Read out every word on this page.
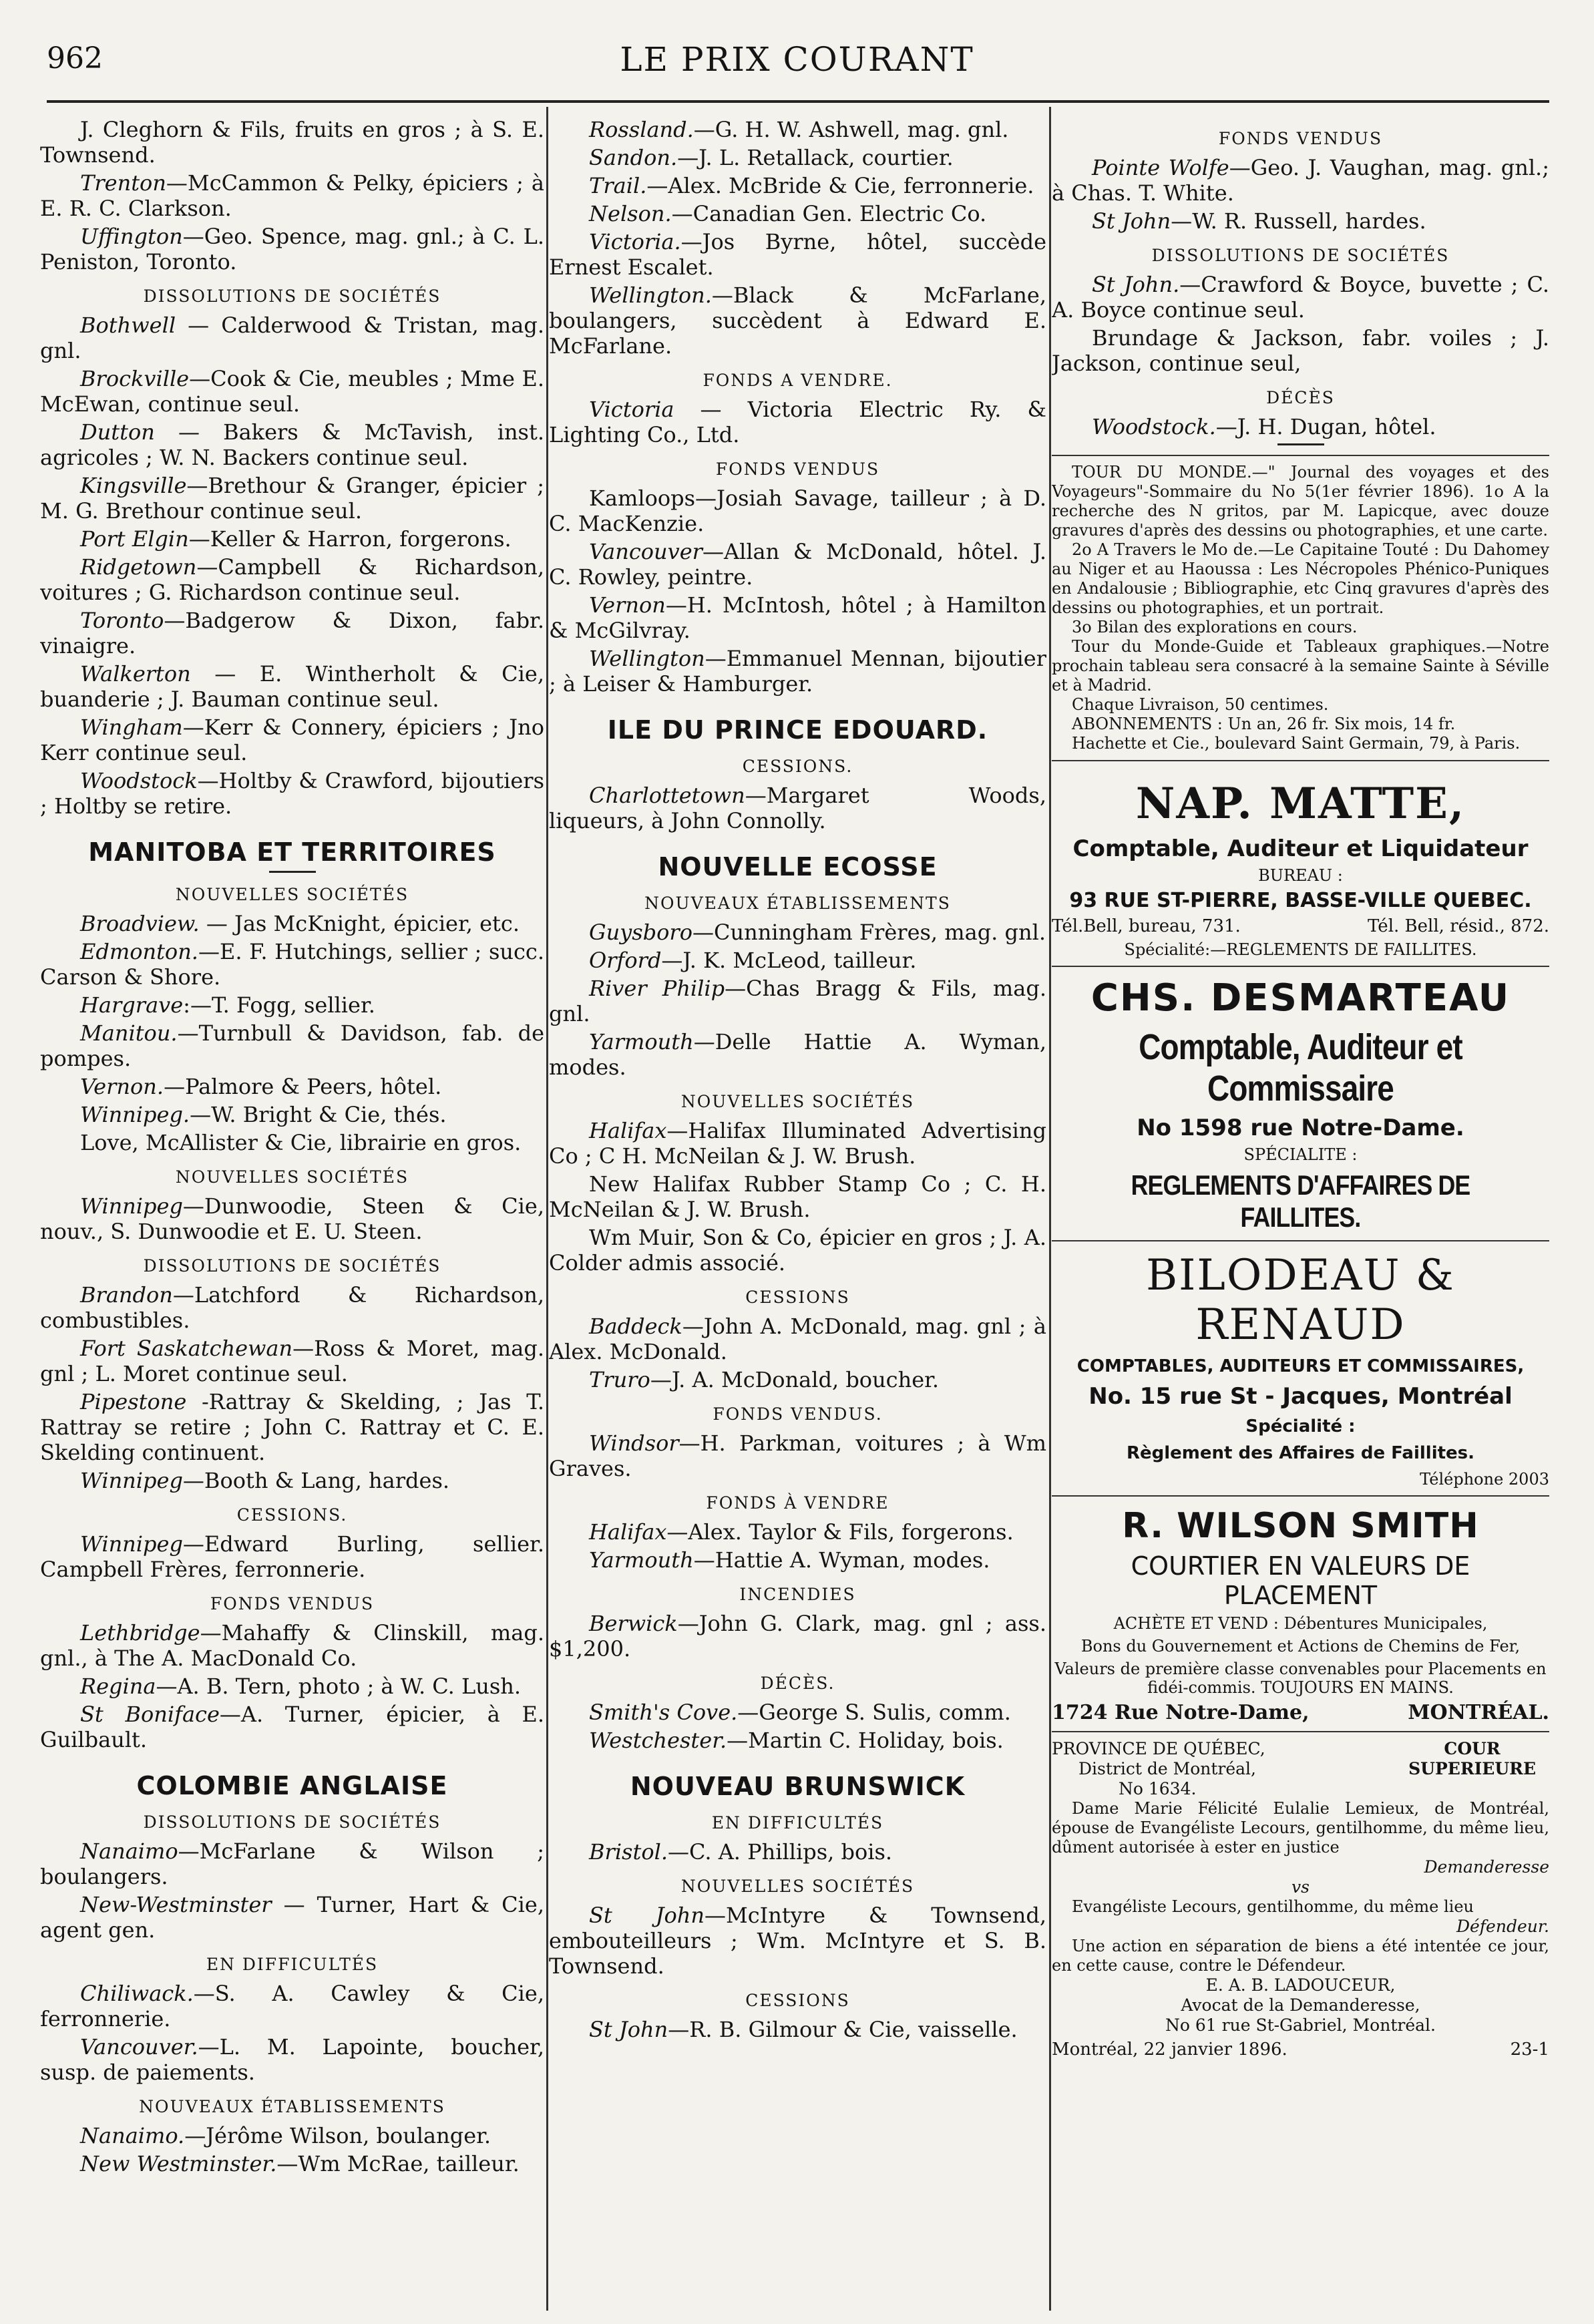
962	LE PRIX COURANT
J. Cleghorn & Fils, fruits en gros ; à S. E. Townsend.
Trenton—McCammon & Pelky, épiciers ; à E. R. C. Clarkson.
Uffington—Geo. Spence, mag. gnl.; à C. L. Peniston, Toronto.
DISSOLUTIONS DE SOCIÉTÉS
Bothwell — Calderwood & Tristan, mag. gnl.
Brockville—Cook & Cie, meubles ; Mme E. McEwan, continue seul.
Dutton — Bakers & McTavish, inst. agricoles ; W. N. Backers continue seul.
Kingsville—Brethour & Granger, épicier ; M. G. Brethour continue seul.
Port Elgin—Keller & Harron, forgerons.
Ridgetown—Campbell & Richardson, voitures ; G. Richardson continue seul.
Toronto—Badgerow & Dixon, fabr. vinaigre.
Walkerton — E. Wintherholt & Cie, buanderie ; J. Bauman continue seul.
Wingham—Kerr & Connery, épiciers ; Jno Kerr continue seul.
Woodstock—Holtby & Crawford, bijoutiers ; Holtby se retire.
MANITOBA ET TERRITOIRES
NOUVELLES SOCIÉTÉS
Broadview. — Jas McKnight, épicier, etc.
Edmonton.—E. F. Hutchings, sellier ; succ. Carson & Shore.
Hargrave:—T. Fogg, sellier.
Manitou.—Turnbull & Davidson, fab. de pompes.
Vernon.—Palmore & Peers, hôtel.
Winnipeg.—W. Bright & Cie, thés.
Love, McAllister & Cie, librairie en gros.
NOUVELLES SOCIÉTÉS
Winnipeg—Dunwoodie, Steen & Cie, nouv., S. Dunwoodie et E. U. Steen.
DISSOLUTIONS DE SOCIÉTÉS
Brandon—Latchford & Richardson, combustibles.
Fort Saskatchewan—Ross & Moret, mag. gnl ; L. Moret continue seul.
Pipestone -Rattray & Skelding, ; Jas T. Rattray se retire ; John C. Rattray et C. E. Skelding continuent.
Winnipeg—Booth & Lang, hardes.
CESSIONS.
Winnipeg—Edward Burling, sellier. Campbell Frères, ferronnerie.
FONDS VENDUS
Lethbridge—Mahaffy & Clinskill, mag. gnl., à The A. MacDonald Co.
Regina—A. B. Tern, photo ; à W. C. Lush.
St Boniface—A. Turner, épicier, à E. Guilbault.
COLOMBIE ANGLAISE
DISSOLUTIONS DE SOCIÉTÉS
Nanaimo—McFarlane & Wilson ; boulangers.
New-Westminster — Turner, Hart & Cie, agent gen.
EN DIFFICULTÉS
Chiliwack.—S. A. Cawley & Cie, ferronnerie.
Vancouver.—L. M. Lapointe, boucher, susp. de paiements.
NOUVEAUX ÉTABLISSEMENTS
Nanaimo.—Jérôme Wilson, boulanger.
New Westminster.—Wm McRae, tailleur.
Rossland.—G. H. W. Ashwell, mag. gnl.
Sandon.—J. L. Retallack, courtier.
Trail.—Alex. McBride & Cie, ferronnerie.
Nelson.—Canadian Gen. Electric Co.
Victoria.—Jos Byrne, hôtel, succède Ernest Escalet.
Wellington.—Black & McFarlane, boulangers, succèdent à Edward E. McFarlane.
FONDS A VENDRE.
Victoria — Victoria Electric Ry. & Lighting Co., Ltd.
FONDS VENDUS
Kamloops—Josiah Savage, tailleur ; à D. C. MacKenzie.
Vancouver—Allan & McDonald, hôtel. J. C. Rowley, peintre.
Vernon—H. McIntosh, hôtel ; à Hamilton & McGilvray.
Wellington—Emmanuel Mennan, bijoutier ; à Leiser & Hamburger.
ILE DU PRINCE EDOUARD.
CESSIONS.
Charlottetown—Margaret Woods, liqueurs, à John Connolly.
NOUVELLE ECOSSE
NOUVEAUX ÉTABLISSEMENTS
Guysboro—Cunningham Frères, mag. gnl.
Orford—J. K. McLeod, tailleur.
River Philip—Chas Bragg & Fils, mag. gnl.
Yarmouth—Delle Hattie A. Wyman, modes.
NOUVELLES SOCIÉTÉS
Halifax—Halifax Illuminated Advertising Co ; C H. McNeilan & J. W. Brush.
New Halifax Rubber Stamp Co ; C. H. McNeilan & J. W. Brush.
Wm Muir, Son & Co, épicier en gros ; J. A. Colder admis associé.
CESSIONS
Baddeck—John A. McDonald, mag. gnl ; à Alex. McDonald.
Truro—J. A. McDonald, boucher.
FONDS VENDUS.
Windsor—H. Parkman, voitures ; à Wm Graves.
FONDS À VENDRE
Halifax—Alex. Taylor & Fils, forgerons.
Yarmouth—Hattie A. Wyman, modes.
INCENDIES
Berwick—John G. Clark, mag. gnl ; ass. $1,200.
DÉCÈS.
Smith's Cove.—George S. Sulis, comm.
Westchester.—Martin C. Holiday, bois.
NOUVEAU BRUNSWICK
EN DIFFICULTÉS
Bristol.—C. A. Phillips, bois.
NOUVELLES SOCIÉTÉS
St John—McIntyre & Townsend, embouteilleurs ; Wm. McIntyre et S. B. Townsend.
CESSIONS
St John—R. B. Gilmour & Cie, vaisselle.
FONDS VENDUS
Pointe Wolfe—Geo. J. Vaughan, mag. gnl.; à Chas. T. White.
St John—W. R. Russell, hardes.
DISSOLUTIONS DE SOCIÉTÉS
St John.—Crawford & Boyce, buvette ; C. A. Boyce continue seul.
Brundage & Jackson, fabr. voiles ; J. Jackson, continue seul,
DÉCÈS
Woodstock.—J. H. Dugan, hôtel.
TOUR DU MONDE.—" Journal des voyages et des Voyageurs"-Sommaire du No 5(1er février 1896). 1o A la recherche des N gritos, par M. Lapicque, avec douze gravures d'après des dessins ou photographies, et une carte.
2o A Travers le Mo de.—Le Capitaine Touté : Du Dahomey au Niger et au Haoussa : Les Nécropoles Phénico-Puniques en Andalousie ; Bibliographie, etc Cinq gravures d'après des dessins ou photographies, et un portrait.
3o Bilan des explorations en cours.
Tour du Monde-Guide et Tableaux graphiques.—Notre prochain tableau sera consacré à la semaine Sainte à Séville et à Madrid.
Chaque Livraison, 50 centimes.
ABONNEMENTS : Un an, 26 fr. Six mois, 14 fr.
Hachette et Cie., boulevard Saint Germain, 79, à Paris.
NAP. MATTE,
Comptable, Auditeur et Liquidateur
BUREAU :
93 RUE ST-PIERRE, BASSE-VILLE QUEBEC.
Tél.Bell, bureau, 731.	Tél. Bell, résid., 872.
Spécialité:—REGLEMENTS DE FAILLITES.
CHS. DESMARTEAU
Comptable, Auditeur et Commissaire
No 1598 rue Notre-Dame.
SPÉCIALITE :
REGLEMENTS D'AFFAIRES DE FAILLITES.
BILODEAU & RENAUD
COMPTABLES, AUDITEURS ET COMMISSAIRES,
No. 15 rue St - Jacques, Montréal
Spécialité :
Règlement des Affaires de Faillites.
Téléphone 2003
R. WILSON SMITH
COURTIER EN VALEURS DE PLACEMENT
ACHÈTE ET VEND : Débentures Municipales,
Bons du Gouvernement et Actions de Chemins de Fer,
Valeurs de première classe convenables pour Placements en fidéi-commis. TOUJOURS EN MAINS.
1724 Rue Notre-Dame,	MONTRÉAL.
PROVINCE DE QUÉBEC,
District de Montréal,
No 1634.
COUR
SUPERIEURE
Dame Marie Félicité Eulalie Lemieux, de Montréal, épouse de Evangéliste Lecours, gentilhomme, du même lieu, dûment autorisée à ester en justice
Demanderesse
vs
Evangéliste Lecours, gentilhomme, du même lieu
Défendeur.
Une action en séparation de biens a été intentée ce jour, en cette cause, contre le Défendeur.
E. A. B. LADOUCEUR,
Avocat de la Demanderesse,
No 61 rue St-Gabriel, Montréal.
Montréal, 22 janvier 1896.	23-1
